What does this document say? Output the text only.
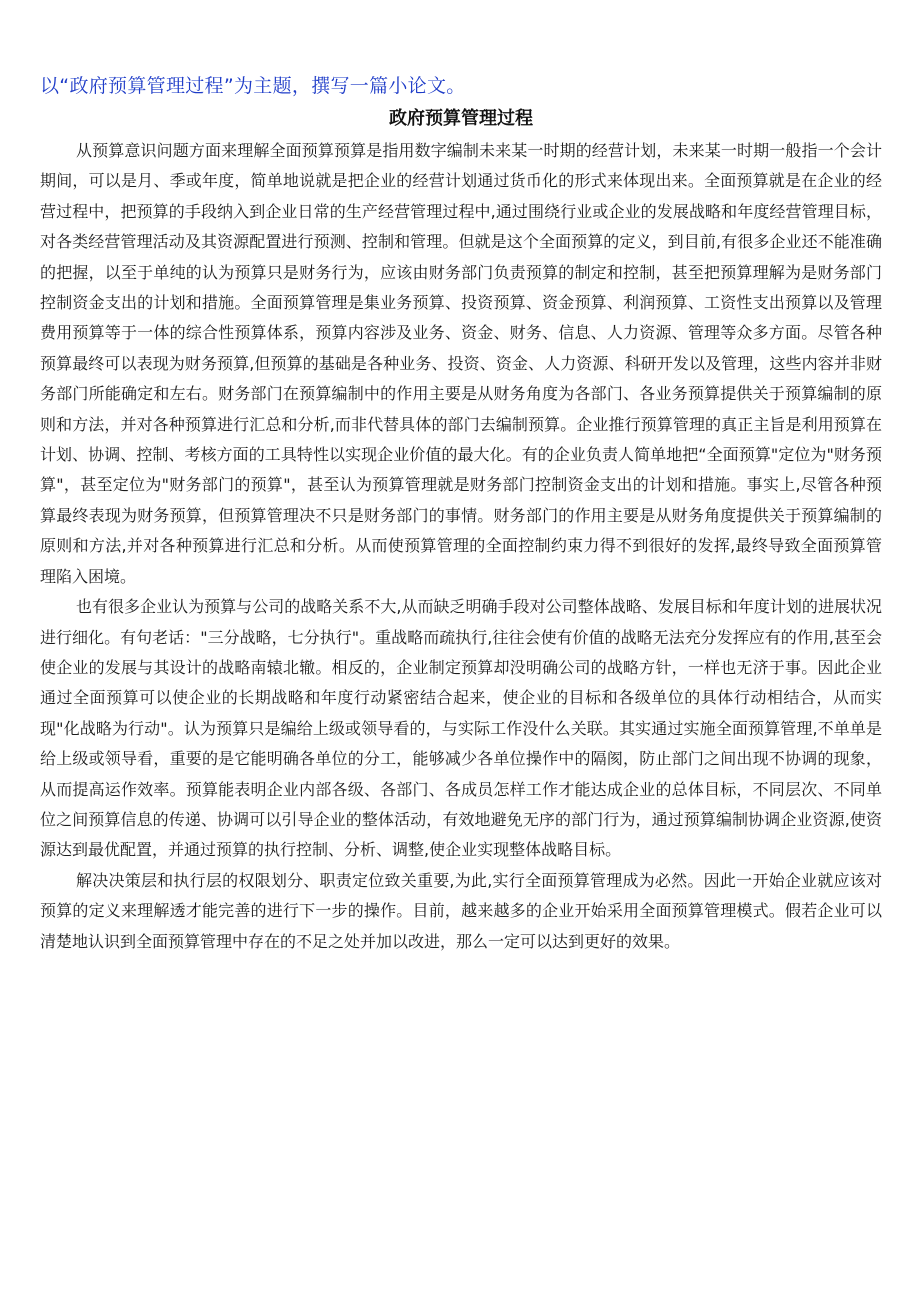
以“政府预算管理过程”为主题，撰写一篇小论文。

政府预算管理过程

从预算意识问题方面来理解全面预算预算是指用数字编制未来某一时期的经营计划，未来某一时期一般指一个会计期间，可以是月、季或年度，简单地说就是把企业的经营计划通过货币化的形式来体现出来。全面预算就是在企业的经营过程中，把预算的手段纳入到企业日常的生产经营管理过程中,通过围绕行业或企业的发展战略和年度经营管理目标，对各类经营管理活动及其资源配置进行预测、控制和管理。但就是这个全面预算的定义，到目前,有很多企业还不能准确的把握，以至于单纯的认为预算只是财务行为，应该由财务部门负责预算的制定和控制，甚至把预算理解为是财务部门控制资金支出的计划和措施。全面预算管理是集业务预算、投资预算、资金预算、利润预算、工资性支出预算以及管理费用预算等于一体的综合性预算体系，预算内容涉及业务、资金、财务、信息、人力资源、管理等众多方面。尽管各种预算最终可以表现为财务预算,但预算的基础是各种业务、投资、资金、人力资源、科研开发以及管理，这些内容并非财务部门所能确定和左右。财务部门在预算编制中的作用主要是从财务角度为各部门、各业务预算提供关于预算编制的原则和方法，并对各种预算进行汇总和分析,而非代替具体的部门去编制预算。企业推行预算管理的真正主旨是利用预算在计划、协调、控制、考核方面的工具特性以实现企业价值的最大化。有的企业负责人简单地把“全面预算"定位为"财务预算"，甚至定位为"财务部门的预算"，甚至认为预算管理就是财务部门控制资金支出的计划和措施。事实上,尽管各种预算最终表现为财务预算，但预算管理决不只是财务部门的事情。财务部门的作用主要是从财务角度提供关于预算编制的原则和方法,并对各种预算进行汇总和分析。从而使预算管理的全面控制约束力得不到很好的发挥,最终导致全面预算管理陷入困境。

也有很多企业认为预算与公司的战略关系不大,从而缺乏明确手段对公司整体战略、发展目标和年度计划的进展状况进行细化。有句老话："三分战略，七分执行"。重战略而疏执行,往往会使有价值的战略无法充分发挥应有的作用,甚至会使企业的发展与其设计的战略南辕北辙。相反的，企业制定预算却没明确公司的战略方针，一样也无济于事。因此企业通过全面预算可以使企业的长期战略和年度行动紧密结合起来，使企业的目标和各级单位的具体行动相结合，从而实现"化战略为行动"。认为预算只是编给上级或领导看的，与实际工作没什么关联。其实通过实施全面预算管理,不单单是给上级或领导看，重要的是它能明确各单位的分工，能够减少各单位操作中的隔阂，防止部门之间出现不协调的现象，从而提高运作效率。预算能表明企业内部各级、各部门、各成员怎样工作才能达成企业的总体目标，不同层次、不同单位之间预算信息的传递、协调可以引导企业的整体活动，有效地避免无序的部门行为，通过预算编制协调企业资源,使资源达到最优配置，并通过预算的执行控制、分析、调整,使企业实现整体战略目标。

解决决策层和执行层的权限划分、职责定位致关重要,为此,实行全面预算管理成为必然。因此一开始企业就应该对预算的定义来理解透才能完善的进行下一步的操作。目前，越来越多的企业开始采用全面预算管理模式。假若企业可以清楚地认识到全面预算管理中存在的不足之处并加以改进，那么一定可以达到更好的效果。
